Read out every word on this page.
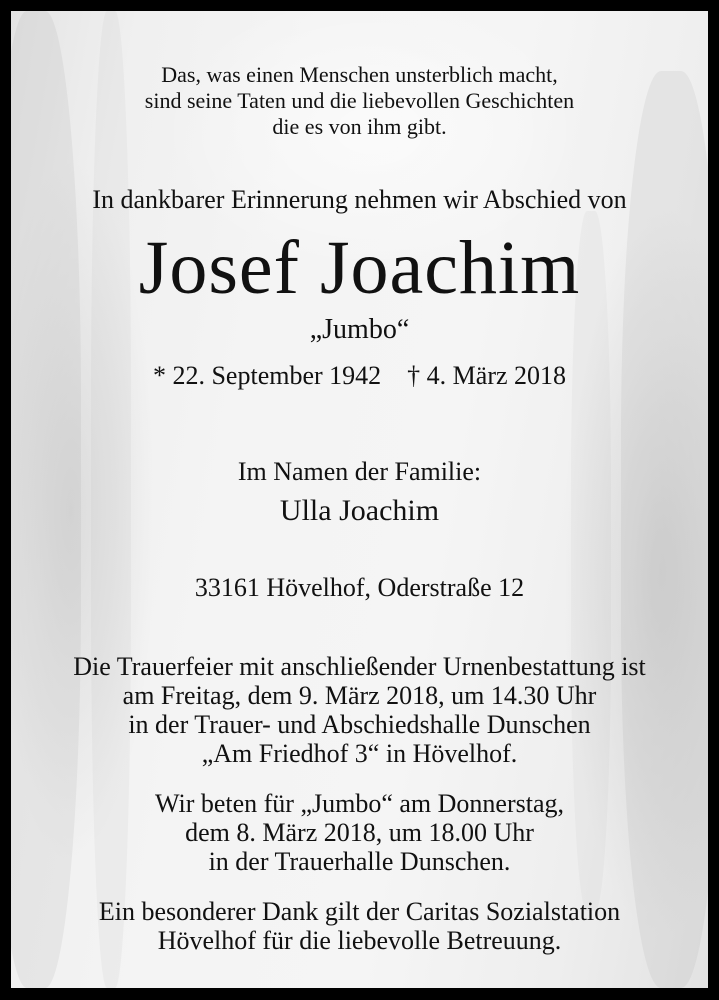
Das, was einen Menschen unsterblich macht,
sind seine Taten und die liebevollen Geschichten
die es von ihm gibt.
In dankbarer Erinnerung nehmen wir Abschied von
Josef Joachim
„Jumbo“
* 22. September 1942 † 4. März 2018
Im Namen der Familie:
Ulla Joachim
33161 Hövelhof, Oderstraße 12
Die Trauerfeier mit anschließender Urnenbestattung ist
am Freitag, dem 9. März 2018, um 14.30 Uhr
in der Trauer- und Abschiedshalle Dunschen
„Am Friedhof 3“ in Hövelhof.
Wir beten für „Jumbo“ am Donnerstag,
dem 8. März 2018, um 18.00 Uhr
in der Trauerhalle Dunschen.
Ein besonderer Dank gilt der Caritas Sozialstation
Hövelhof für die liebevolle Betreuung.
